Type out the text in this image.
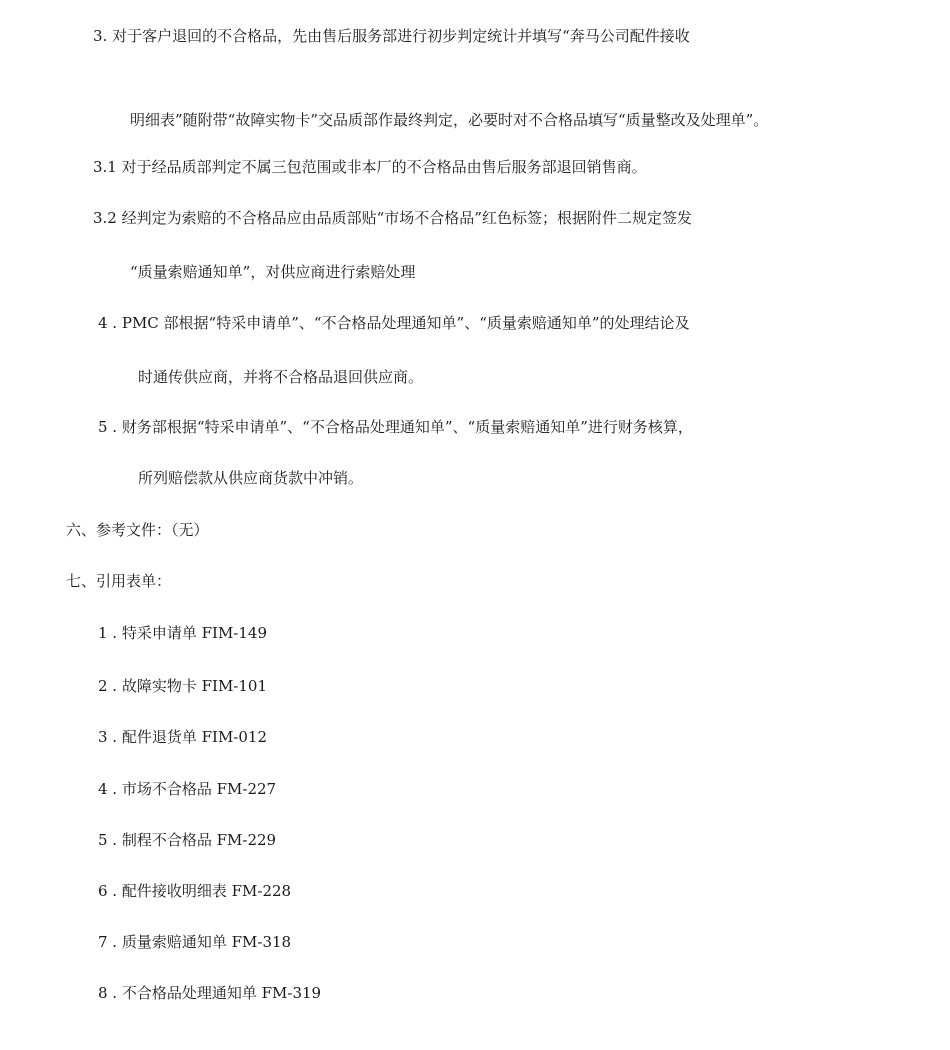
3. 对于客户退回的不合格品，先由售后服务部进行初步判定统计并填写“奔马公司配件接收
明细表”随附带“故障实物卡”交品质部作最终判定，必要时对不合格品填写“质量整改及处理单”。
3.1 对于经品质部判定不属三包范围或非本厂的不合格品由售后服务部退回销售商。
3.2 经判定为索赔的不合格品应由品质部贴“市场不合格品”红色标签；根据附件二规定签发
“质量索赔通知单”，对供应商进行索赔处理
4 . PMC 部根据“特采申请单”、“不合格品处理通知单”、“质量索赔通知单”的处理结论及
时通传供应商，并将不合格品退回供应商。
5 . 财务部根据“特采申请单”、“不合格品处理通知单”、“质量索赔通知单”进行财务核算，
所列赔偿款从供应商货款中冲销。
六、参考文件：（无）
七、引用表单：
1 . 特采申请单 FIM-149
2 . 故障实物卡 FIM-101
3 . 配件退货单 FIM-012
4 . 市场不合格品 FM-227
5 . 制程不合格品 FM-229
6 . 配件接收明细表 FM-228
7 . 质量索赔通知单 FM-318
8 . 不合格品处理通知单 FM-319
